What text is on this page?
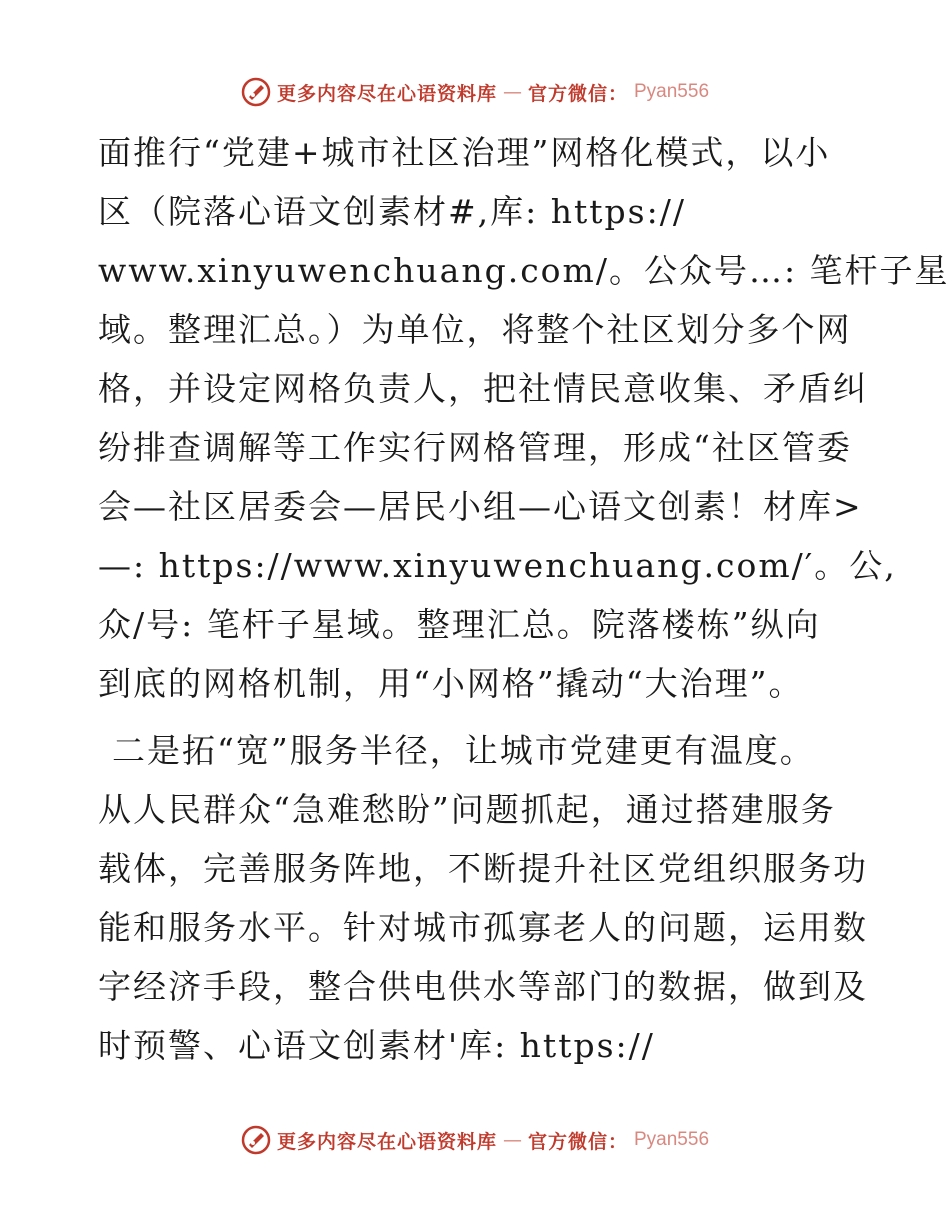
更多内容尽在心语资料库 — 官方微信： Pyan556
面推行“党建+城市社区治理”网格化模式，以小
区（院落心语文创素材#,库: https://
www.xinyuwenchuang.com/。公众号…: 笔杆子星
域。整理汇总。）为单位，将整个社区划分多个网
格，并设定网格负责人，把社情民意收集、矛盾纠
纷排查调解等工作实行网格管理，形成“社区管委
会—社区居委会—居民小组—心语文创素！材库>
—: https://www.xinyuwenchuang.com/′。公,
众/号: 笔杆子星域。整理汇总。院落楼栋”纵向
到底的网格机制，用“小网格”撬动“大治理”。
二是拓“宽”服务半径，让城市党建更有温度。
从人民群众“急难愁盼”问题抓起，通过搭建服务
载体，完善服务阵地，不断提升社区党组织服务功
能和服务水平。针对城市孤寡老人的问题，运用数
字经济手段，整合供电供水等部门的数据，做到及
时预警、心语文创素材'库: https://
更多内容尽在心语资料库 — 官方微信： Pyan556
